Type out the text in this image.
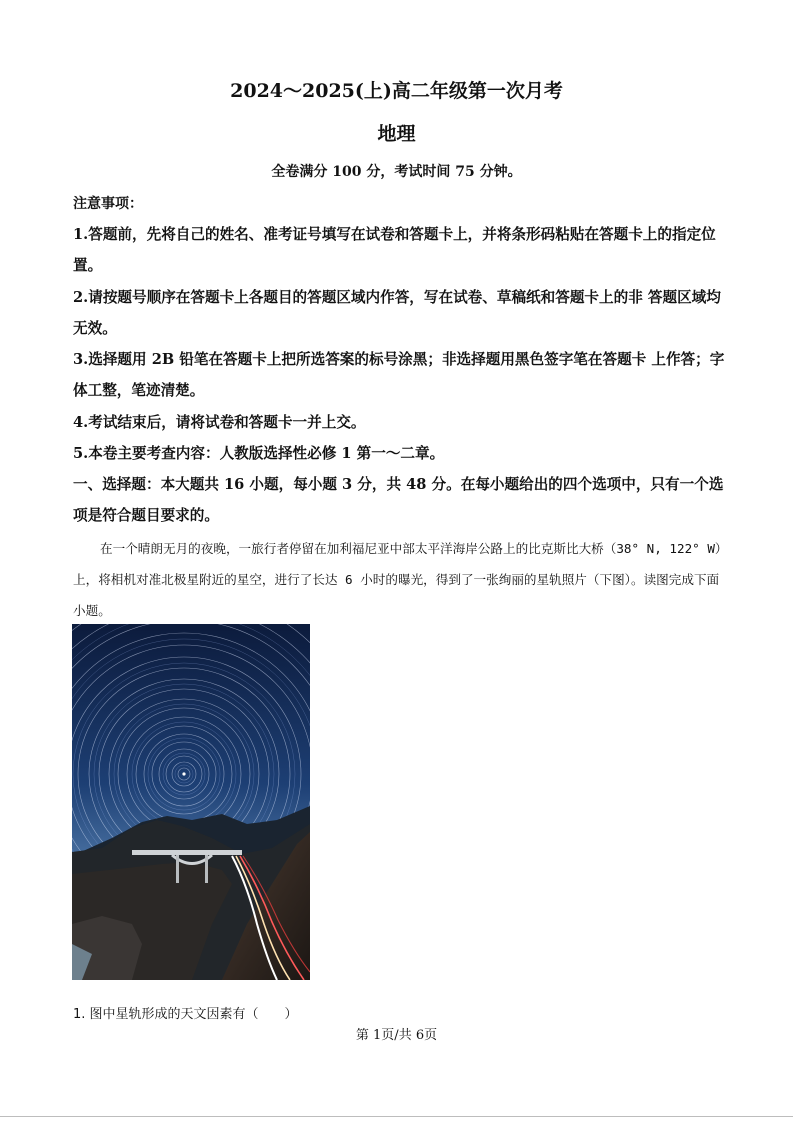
2024～2025(上)高二年级第一次月考
地理
全卷满分 100 分，考试时间 75 分钟。
注意事项：
1.答题前，先将自己的姓名、准考证号填写在试卷和答题卡上，并将条形码粘贴在答题卡上的指定位置。
2.请按题号顺序在答题卡上各题目的答题区域内作答，写在试卷、草稿纸和答题卡上的非 答题区域均无效。
3.选择题用 2B 铅笔在答题卡上把所选答案的标号涂黑；非选择题用黑色签字笔在答题卡 上作答；字体工整，笔迹清楚。
4.考试结束后，请将试卷和答题卡一并上交。
5.本卷主要考查内容：人教版选择性必修 1 第一～二章。
一、选择题：本大题共 16 小题，每小题 3 分，共 48 分。在每小题给出的四个选项中，只有一个选项是符合题目要求的。
在一个晴朗无月的夜晚，一旅行者停留在加利福尼亚中部太平洋海岸公路上的比克斯比大桥（38° N, 122° W）上，将相机对准北极星附近的星空，进行了长达 6 小时的曝光，得到了一张绚丽的星轨照片（下图）。读图完成下面小题。
1. 图中星轨形成的天文因素有（　　）
第 1页/共 6页
